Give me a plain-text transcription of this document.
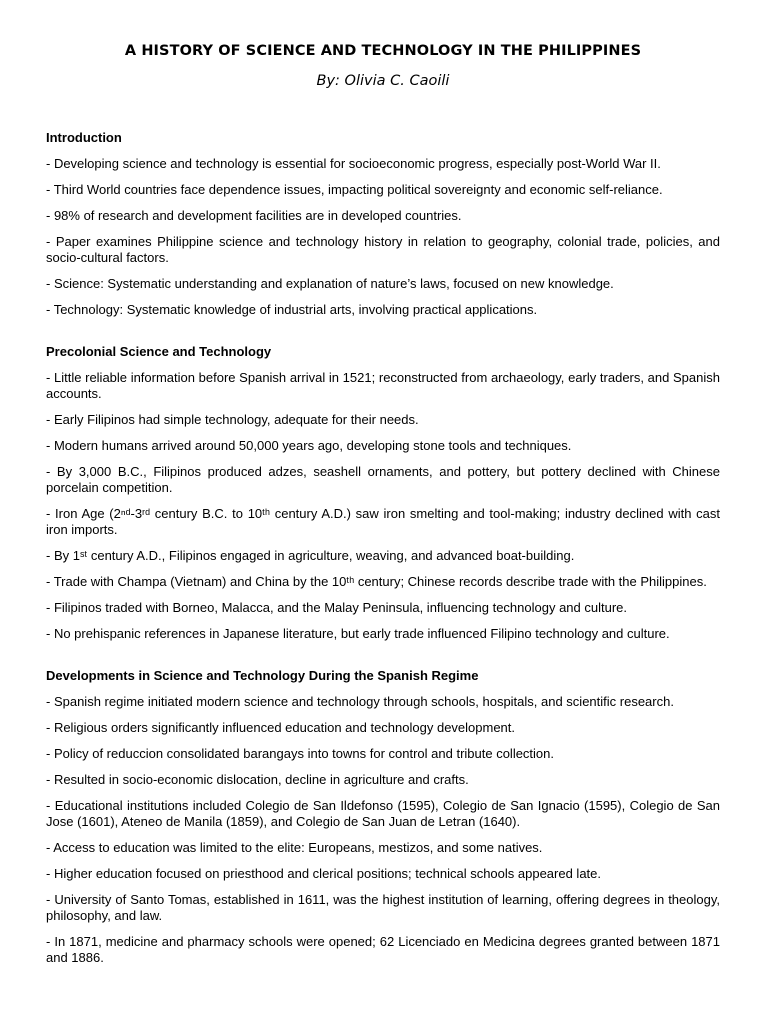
A HISTORY OF SCIENCE AND TECHNOLOGY IN THE PHILIPPINES
By: Olivia C. Caoili
Introduction

- Developing science and technology is essential for socioeconomic progress, especially post-World War II.

- Third World countries face dependence issues, impacting political sovereignty and economic self-reliance.

- 98% of research and development facilities are in developed countries.

- Paper examines Philippine science and technology history in relation to geography, colonial trade, policies, and socio-cultural factors.

- Science: Systematic understanding and explanation of nature’s laws, focused on new knowledge.

- Technology: Systematic knowledge of industrial arts, involving practical applications.

Precolonial Science and Technology

- Little reliable information before Spanish arrival in 1521; reconstructed from archaeology, early traders, and Spanish accounts.

- Early Filipinos had simple technology, adequate for their needs.

- Modern humans arrived around 50,000 years ago, developing stone tools and techniques.

- By 3,000 B.C., Filipinos produced adzes, seashell ornaments, and pottery, but pottery declined with Chinese porcelain competition.

- Iron Age (2ⁿᵈ-3ʳᵈ century B.C. to 10ᵗʰ century A.D.) saw iron smelting and tool-making; industry declined with cast iron imports.

- By 1ˢᵗ century A.D., Filipinos engaged in agriculture, weaving, and advanced boat-building.

- Trade with Champa (Vietnam) and China by the 10ᵗʰ century; Chinese records describe trade with the Philippines.

- Filipinos traded with Borneo, Malacca, and the Malay Peninsula, influencing technology and culture.

- No prehispanic references in Japanese literature, but early trade influenced Filipino technology and culture.

Developments in Science and Technology During the Spanish Regime

- Spanish regime initiated modern science and technology through schools, hospitals, and scientific research.

- Religious orders significantly influenced education and technology development.

- Policy of reduccion consolidated barangays into towns for control and tribute collection.

- Resulted in socio-economic dislocation, decline in agriculture and crafts.

- Educational institutions included Colegio de San Ildefonso (1595), Colegio de San Ignacio (1595), Colegio de San Jose (1601), Ateneo de Manila (1859), and Colegio de San Juan de Letran (1640).

- Access to education was limited to the elite: Europeans, mestizos, and some natives.

- Higher education focused on priesthood and clerical positions; technical schools appeared late.

- University of Santo Tomas, established in 1611, was the highest institution of learning, offering degrees in theology, philosophy, and law.

- In 1871, medicine and pharmacy schools were opened; 62 Licenciado en Medicina degrees granted between 1871 and 1886.
